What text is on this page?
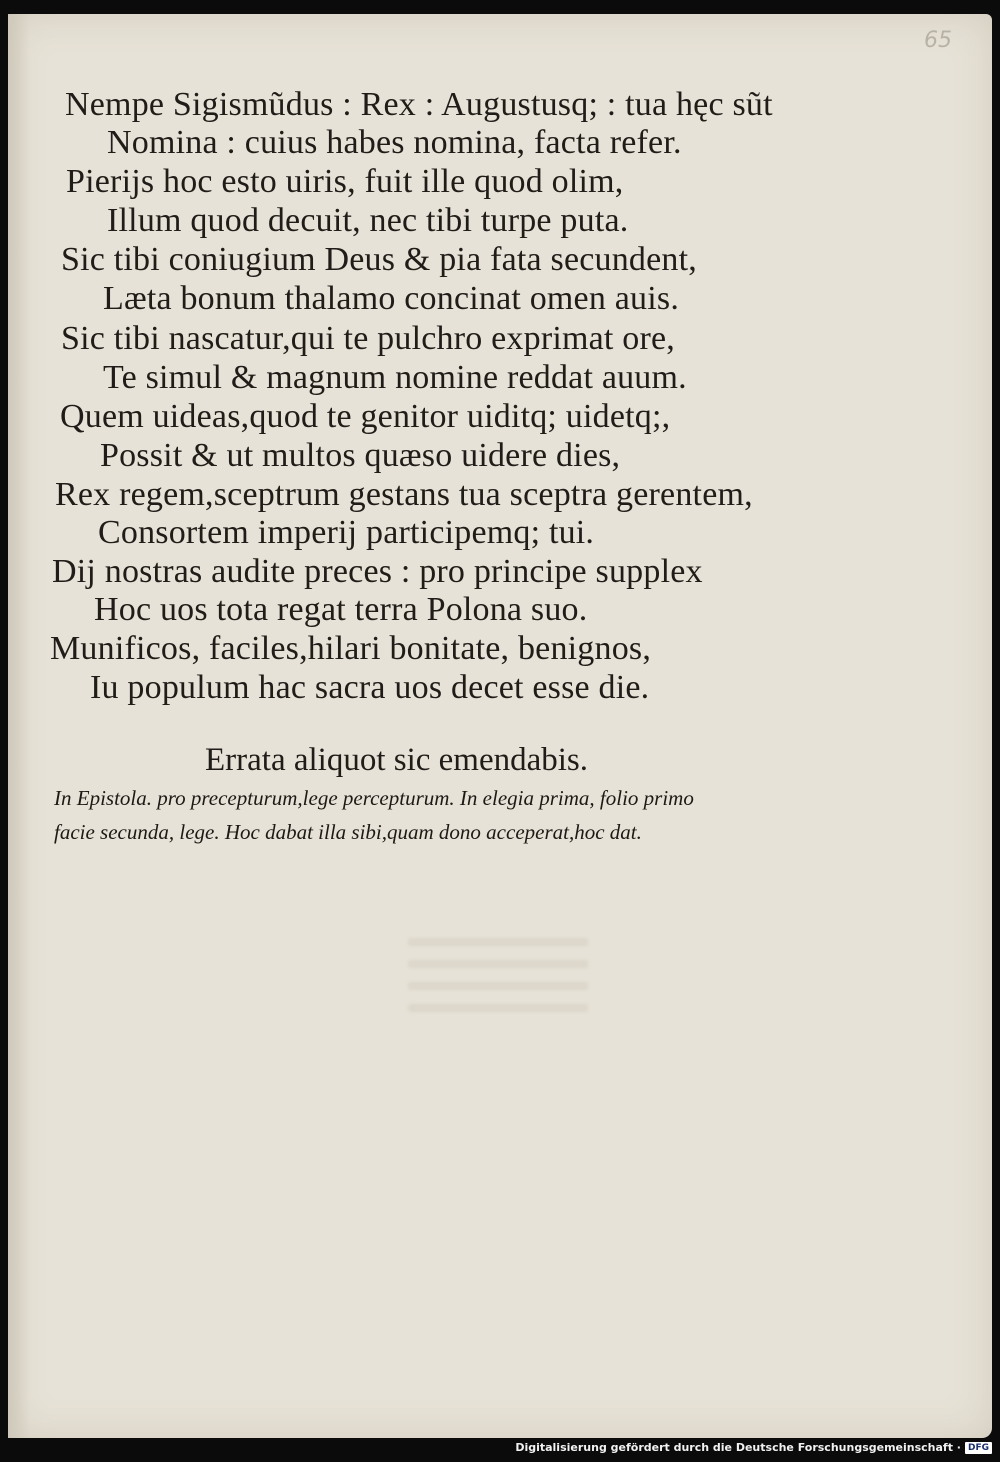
65
Nempe Sigismũdus : Rex : Augustusq; : tua hęc sũt
Nomina : cuius habes nomina, facta refer.
Pierijs hoc esto uiris, fuit ille quod olim,
Illum quod decuit, nec tibi turpe puta.
Sic tibi coniugium Deus & pia fata secundent,
Læta bonum thalamo concinat omen auis.
Sic tibi nascatur,qui te pulchro exprimat ore,
Te simul & magnum nomine reddat auum.
Quem uideas,quod te genitor uiditq; uidetq;,
Possit & ut multos quæso uidere dies,
Rex regem,sceptrum gestans tua sceptra gerentem,
Consortem imperij participemq; tui.
Dij nostras audite preces : pro principe supplex
Hoc uos tota regat terra Polona suo.
Munificos, faciles,hilari bonitate, benignos,
Iu populum hac sacra uos decet esse die.
Errata aliquot sic emendabis.
In Epistola. pro precepturum,lege percepturum. In elegia prima, folio primo
facie secunda, lege. Hoc dabat illa sibi,quam dono acceperat,hoc dat.
Digitalisierung gefördert durch die Deutsche Forschungsgemeinschaft · DFG
